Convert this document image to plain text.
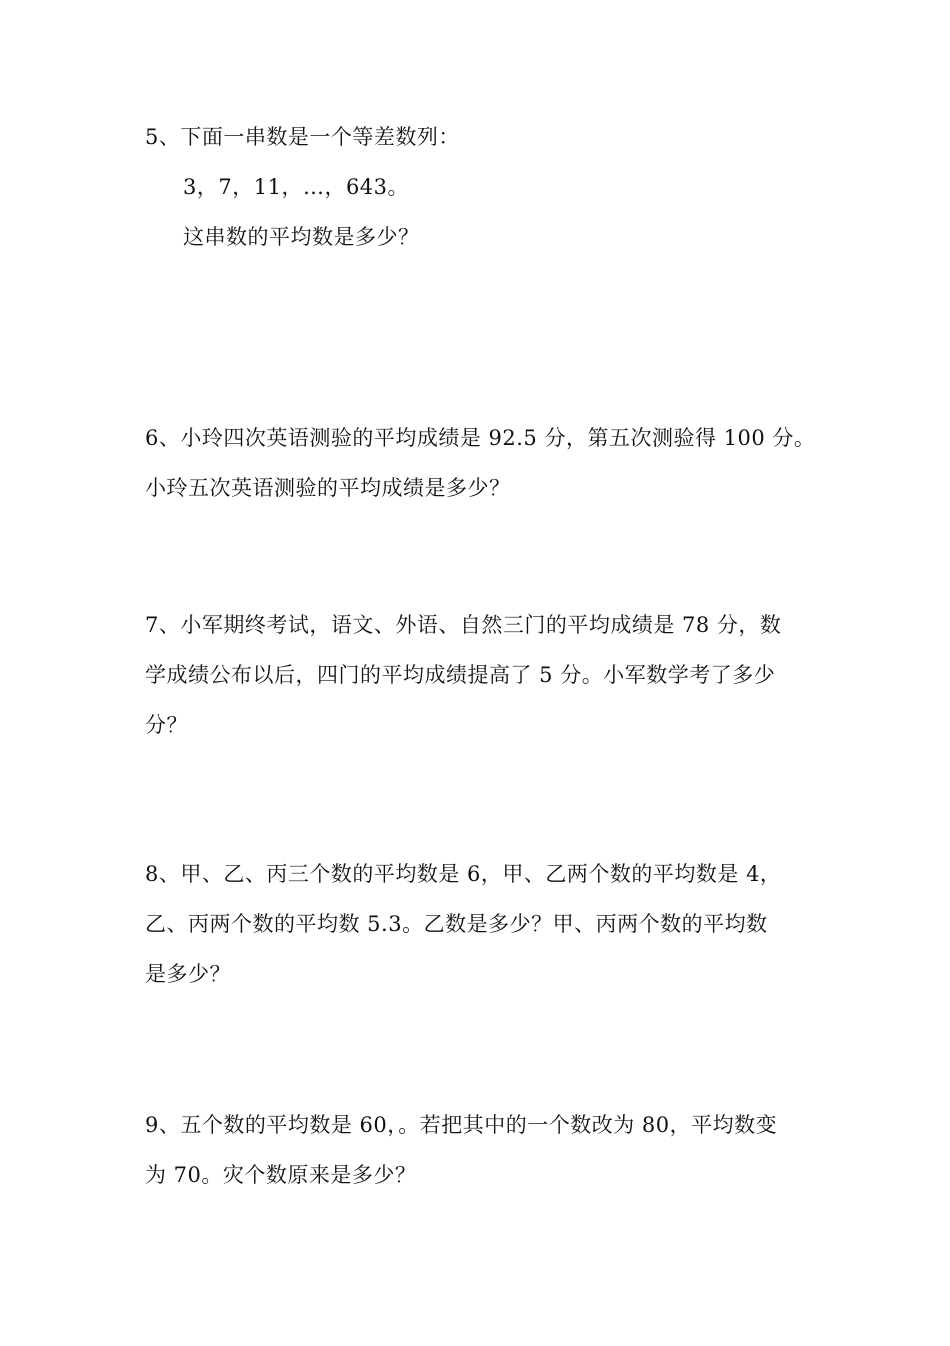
5、下面一串数是一个等差数列：
3，7，11，…，643。
这串数的平均数是多少？
6、小玲四次英语测验的平均成绩是 92.5 分，第五次测验得 100 分。
小玲五次英语测验的平均成绩是多少？
7、小军期终考试，语文、外语、自然三门的平均成绩是 78 分，数
学成绩公布以后，四门的平均成绩提高了 5 分。小军数学考了多少
分？
8、甲、乙、丙三个数的平均数是 6，甲、乙两个数的平均数是 4，
乙、丙两个数的平均数 5.3。乙数是多少？甲、丙两个数的平均数
是多少？
9、五个数的平均数是 60，。若把其中的一个数改为 80，平均数变
为 70。灾个数原来是多少？
